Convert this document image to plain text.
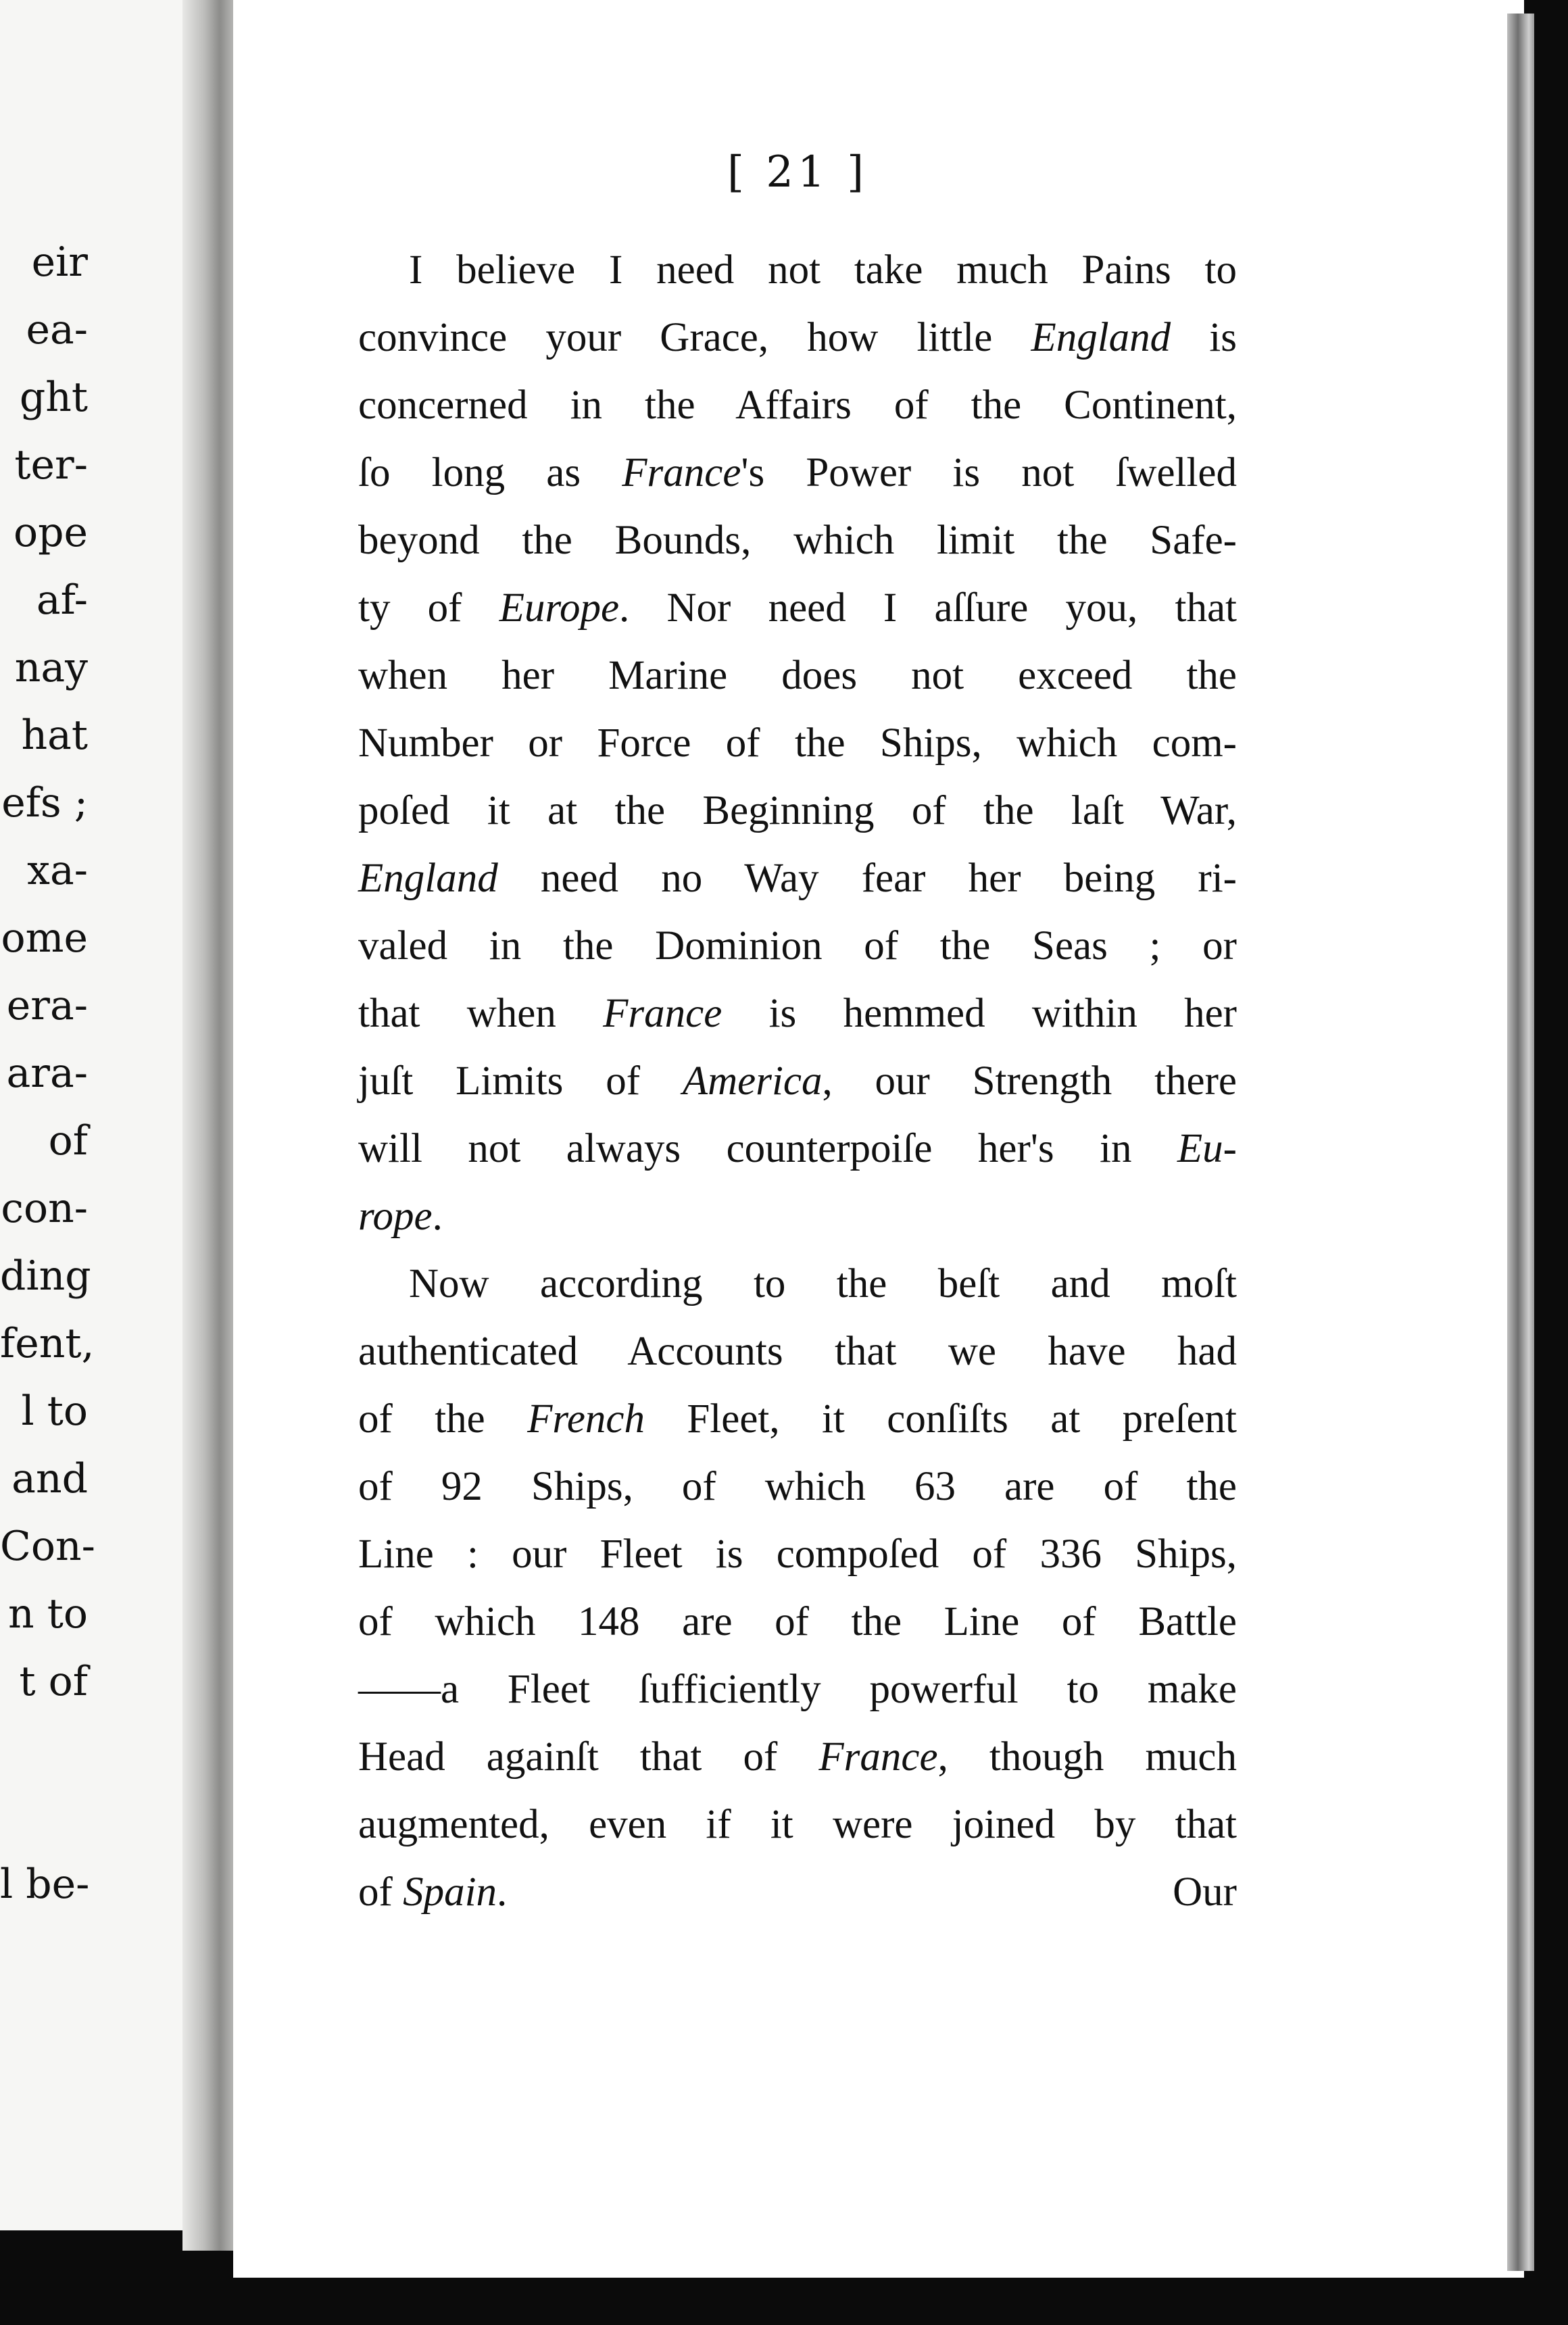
eir
ea-
ght
ter-
ope
af-
nay
hat
efs ;
xa-
ome
era-
ara-
of
con-
ding
fent,
l to
and
Con-
n to
t of
l be-
[ 21 ]
I believe I need not take much Pains to
convince your Grace, how little England is
concerned in the Affairs of the Continent,
ſo long as France's Power is not ſwelled
beyond the Bounds, which limit the Safe-
ty of Europe. Nor need I aſſure you, that
when her Marine does not exceed the
Number or Force of the Ships, which com-
poſed it at the Beginning of the laſt War,
England need no Way fear her being ri-
valed in the Dominion of the Seas ; or
that when France is hemmed within her
juſt Limits of America, our Strength there
will not always counterpoiſe her's in Eu-
rope.
Now according to the beſt and moſt
authenticated Accounts that we have had
of the French Fleet, it conſiſts at preſent
of 92 Ships, of which 63 are of the
Line : our Fleet is compoſed of 336 Ships,
of which 148 are of the Line of Battle
——a Fleet ſufficiently powerful to make
Head againſt that of France, though much
augmented, even if it were joined by that
of Spain.	Our
